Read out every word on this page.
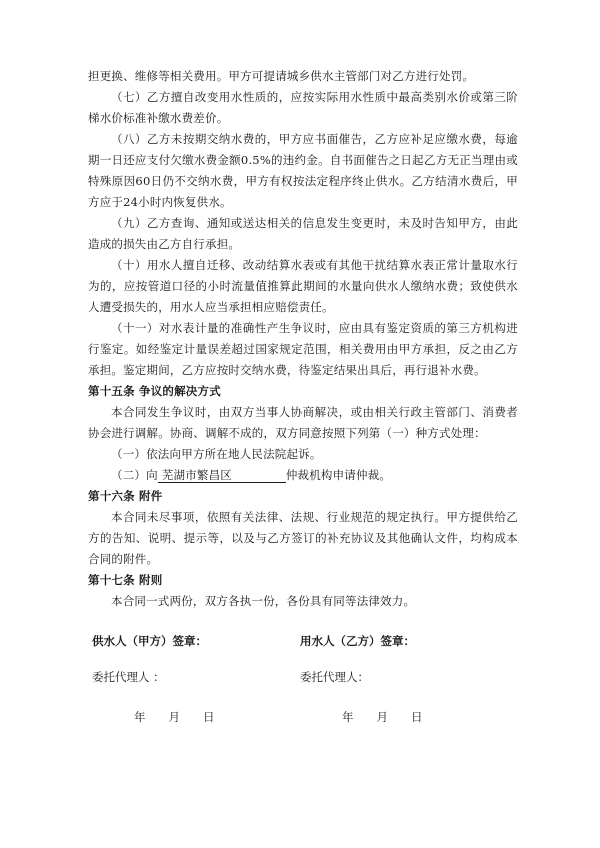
担更换、维修等相关费用。甲方可提请城乡供水主管部门对乙方进行处罚。

（七）乙方擅自改变用水性质的，应按实际用水性质中最高类别水价或第三阶梯水价标准补缴水费差价。

（八）乙方未按期交纳水费的，甲方应书面催告，乙方应补足应缴水费，每逾期一日还应支付欠缴水费金额0.5%的违约金。自书面催告之日起乙方无正当理由或特殊原因60日仍不交纳水费，甲方有权按法定程序终止供水。乙方结清水费后，甲方应于24小时内恢复供水。

（九）乙方查询、通知或送达相关的信息发生变更时，未及时告知甲方，由此造成的损失由乙方自行承担。

（十）用水人擅自迁移、改动结算水表或有其他干扰结算水表正常计量取水行为的，应按管道口径的小时流量值推算此期间的水量向供水人缴纳水费；致使供水人遭受损失的，用水人应当承担相应赔偿责任。

（十一）对水表计量的准确性产生争议时，应由具有鉴定资质的第三方机构进行鉴定。如经鉴定计量误差超过国家规定范围，相关费用由甲方承担，反之由乙方承担。鉴定期间，乙方应按时交纳水费，待鉴定结果出具后，再行退补水费。

第十五条 争议的解决方式

本合同发生争议时，由双方当事人协商解决，或由相关行政主管部门、消费者协会进行调解。协商、调解不成的，双方同意按照下列第（一）种方式处理：

（一）依法向甲方所在地人民法院起诉。

（二）向 芜湖市繁昌区	仲裁机构申请仲裁。

第十六条 附件

本合同未尽事项，依照有关法律、法规、行业规范的规定执行。甲方提供给乙方的告知、说明、提示等，以及与乙方签订的补充协议及其他确认文件，均构成本合同的附件。

第十七条 附则

本合同一式两份，双方各执一份，各份具有同等法律效力。

供水人（甲方）签章：	用水人（乙方）签章：
委托代理人 ：	委托代理人：
年　　月　　日	年　　月　　日
